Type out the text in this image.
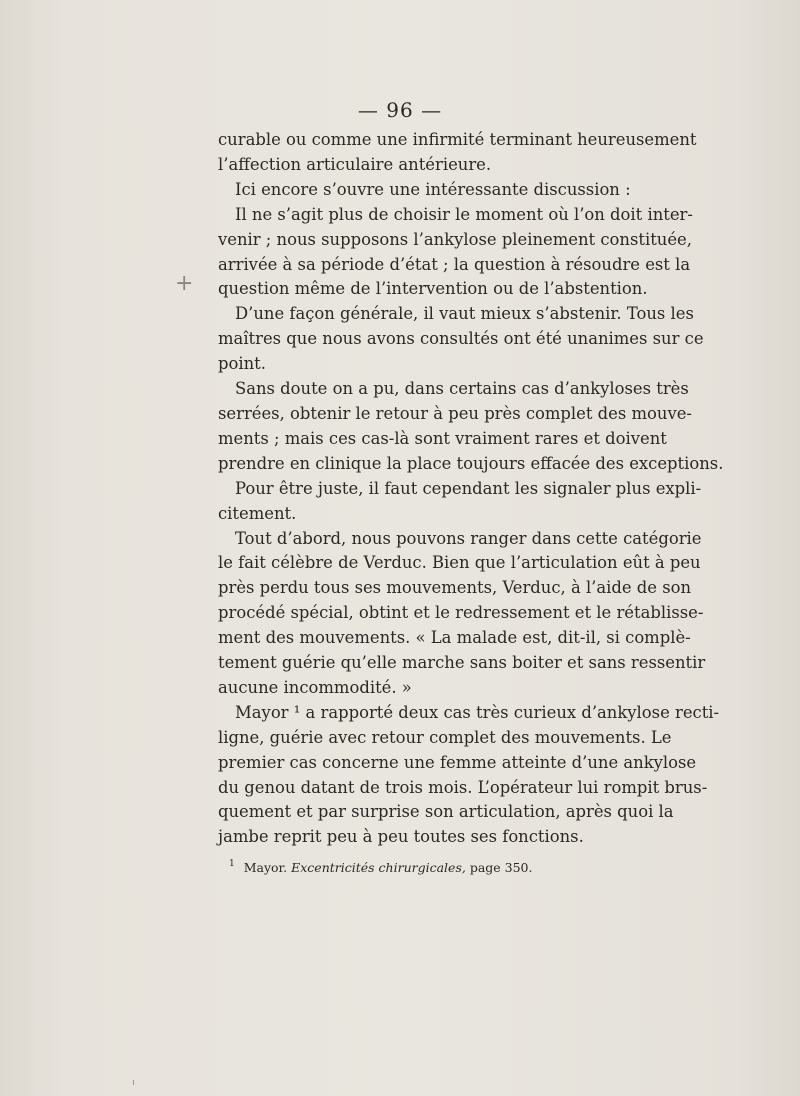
— 96 —
+
curable ou comme une infirmité terminant heureusement
l’affection articulaire antérieure.
Ici encore s’ouvre une intéressante discussion :
Il ne s’agit plus de choisir le moment où l’on doit inter-
venir ; nous supposons l’ankylose pleinement constituée,
arrivée à sa période d’état ; la question à résoudre est la
question même de l’intervention ou de l’abstention.
D’une façon générale, il vaut mieux s’abstenir. Tous les
maîtres que nous avons consultés ont été unanimes sur ce
point.
Sans doute on a pu, dans certains cas d’ankyloses très
serrées, obtenir le retour à peu près complet des mouve-
ments ; mais ces cas-là sont vraiment rares et doivent
prendre en clinique la place toujours effacée des exceptions.
Pour être juste, il faut cependant les signaler plus expli-
citement.
Tout d’abord, nous pouvons ranger dans cette catégorie
le fait célèbre de Verduc. Bien que l’articulation eût à peu
près perdu tous ses mouvements, Verduc, à l’aide de son
procédé spécial, obtint et le redressement et le rétablisse-
ment des mouvements. « La malade est, dit-il, si complè-
tement guérie qu’elle marche sans boiter et sans ressentir
aucune incommodité. »
Mayor ¹ a rapporté deux cas très curieux d’ankylose recti-
ligne, guérie avec retour complet des mouvements. Le
premier cas concerne une femme atteinte d’une ankylose
du genou datant de trois mois. L’opérateur lui rompit brus-
quement et par surprise son articulation, après quoi la
jambe reprit peu à peu toutes ses fonctions.
$^1$ Mayor. Excentricités chirurgicales, page 350.
